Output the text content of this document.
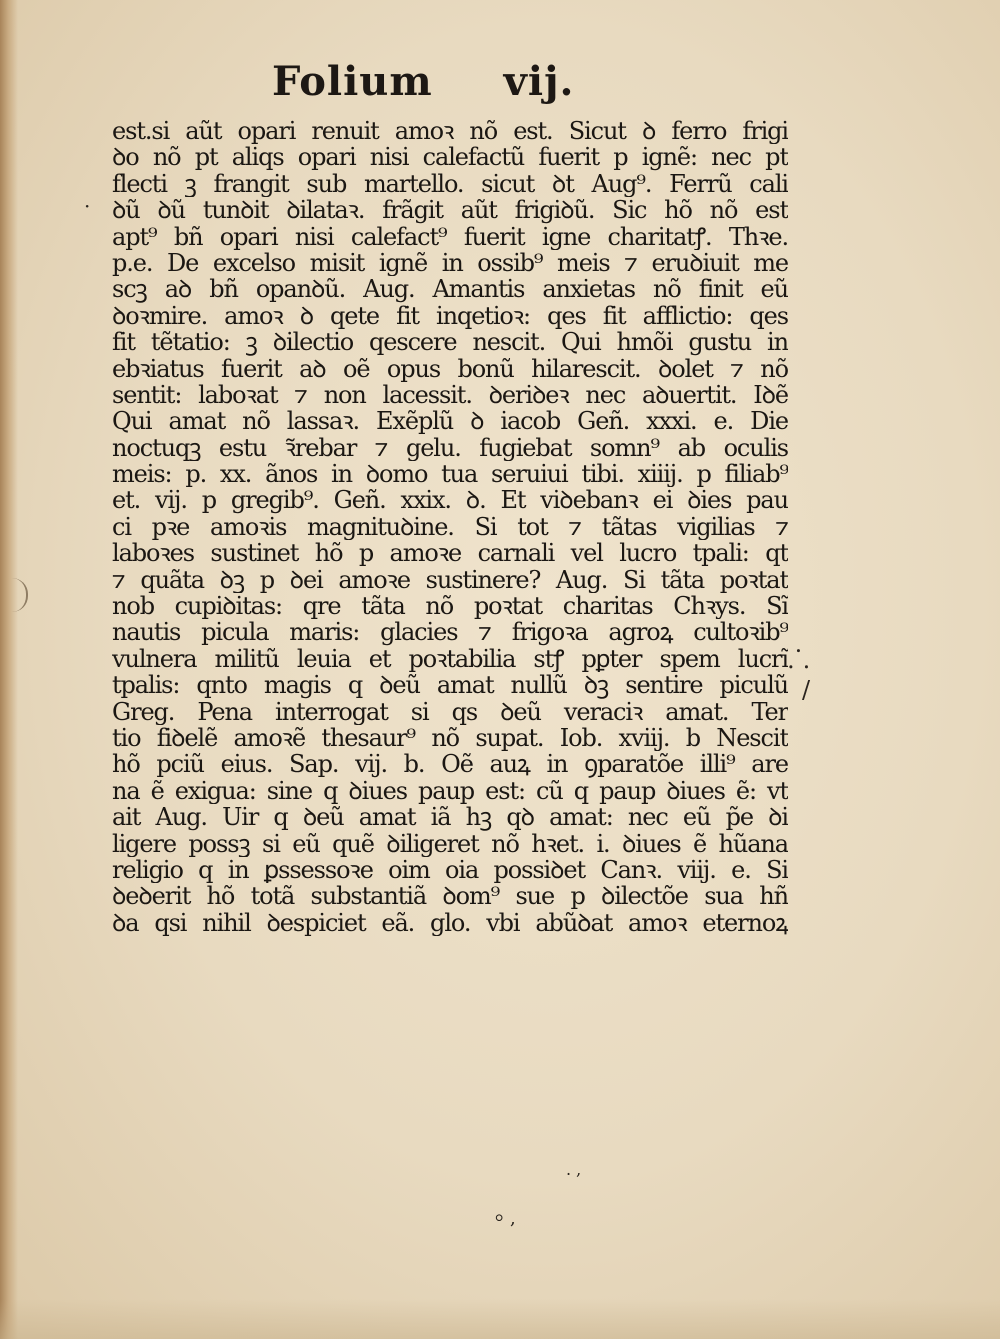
Folium vij.
est.si aũt opari renuit amoꝛ nõ est. Sicut ꝺ ferro frigi
ꝺo nõ pt aliqs opari nisi calefactũ fuerit p ignẽ: nec pt
flecti ꝫ frangit sub martello. sicut ꝺt Aug⁹. Ferrũ cali
ꝺũ ꝺũ tunꝺit ꝺilataꝛ. frãgit aũt frigiꝺũ. Sic hõ nõ est
apt⁹ bñ opari nisi calefact⁹ fuerit igne charitatꝭ. Thꝛe.
p.e. De excelso misit ignẽ in ossib⁹ meis ⁊ eruꝺiuit me
scꝫ aꝺ bñ opanꝺũ. Aug. Amantis anxietas nõ finit eũ
ꝺoꝛmire. amoꝛ ꝺ qete fit inqetioꝛ: qes fit afflictio: qes
fit tẽtatio: ꝫ ꝺilectio qescere nescit. Qui hmõi gustu in
ebꝛiatus fuerit aꝺ oẽ opus bonũ hilarescit. ꝺolet ⁊ nõ
sentit: laboꝛat ⁊ non lacessit. ꝺeriꝺeꝛ nec aꝺuertit. Iꝺẽ
Qui amat nõ lassaꝛ. Exẽplũ ꝺ iacob Geñ. xxxi. e. Die
noctuqꝫ estu ꝛ̃rebar ⁊ gelu. fugiebat somn⁹ ab oculis
meis: p. xx. ãnos in ꝺomo tua seruiui tibi. xiiij. p filiab⁹
et. vij. p gregib⁹. Geñ. xxix. ꝺ. Et viꝺebanꝛ ei ꝺies pau
ci pꝛe amoꝛis magnituꝺine. Si tot ⁊ tãtas vigilias ⁊
laboꝛes sustinet hõ p amoꝛe carnali vel lucro tpali: qt
⁊ quãta ꝺꝫ p ꝺei amoꝛe sustinere? Aug. Si tãta poꝛtat
nob cupiꝺitas: qre tãta nõ poꝛtat charitas Chꝛys. Sĩ
nautis picula maris: glacies ⁊ frigoꝛa agroꝝ cultoꝛib⁹
vulnera militũ leuia et poꝛtabilia stꝭ pꝑter spem lucrĩ
tpalis: qnto magis q ꝺeũ amat nullũ ꝺꝫ sentire piculũ
Greg. Pena interrogat si qs ꝺeũ veraciꝛ amat. Ter
tio fiꝺelẽ amoꝛẽ thesaur⁹ nõ supat. Iob. xviij. b Nescit
hõ pciũ eius. Sap. vij. b. Oẽ auꝝ in ꝯparatõe illi⁹ are
na ẽ exigua: sine q ꝺiues paup est: cũ q paup ꝺiues ẽ: vt
ait Aug. Uir q ꝺeũ amat iã hꝫ qꝺ amat: nec eũ p̃e ꝺi
ligere possꝫ si eũ quẽ ꝺiligeret nõ hꝛet. i. ꝺiues ẽ hũana
religio q in ꝑssessoꝛe oim oia possiꝺet Canꝛ. viij. e. Si
ꝺeꝺerit hõ totã substantiã ꝺom⁹ sue p ꝺilectõe sua hñ
ꝺa qsi nihil ꝺespiciet eã. glo. vbi abũꝺat amoꝛ eternoꝝ
⸫
/
. ,
⸰ ,
·
